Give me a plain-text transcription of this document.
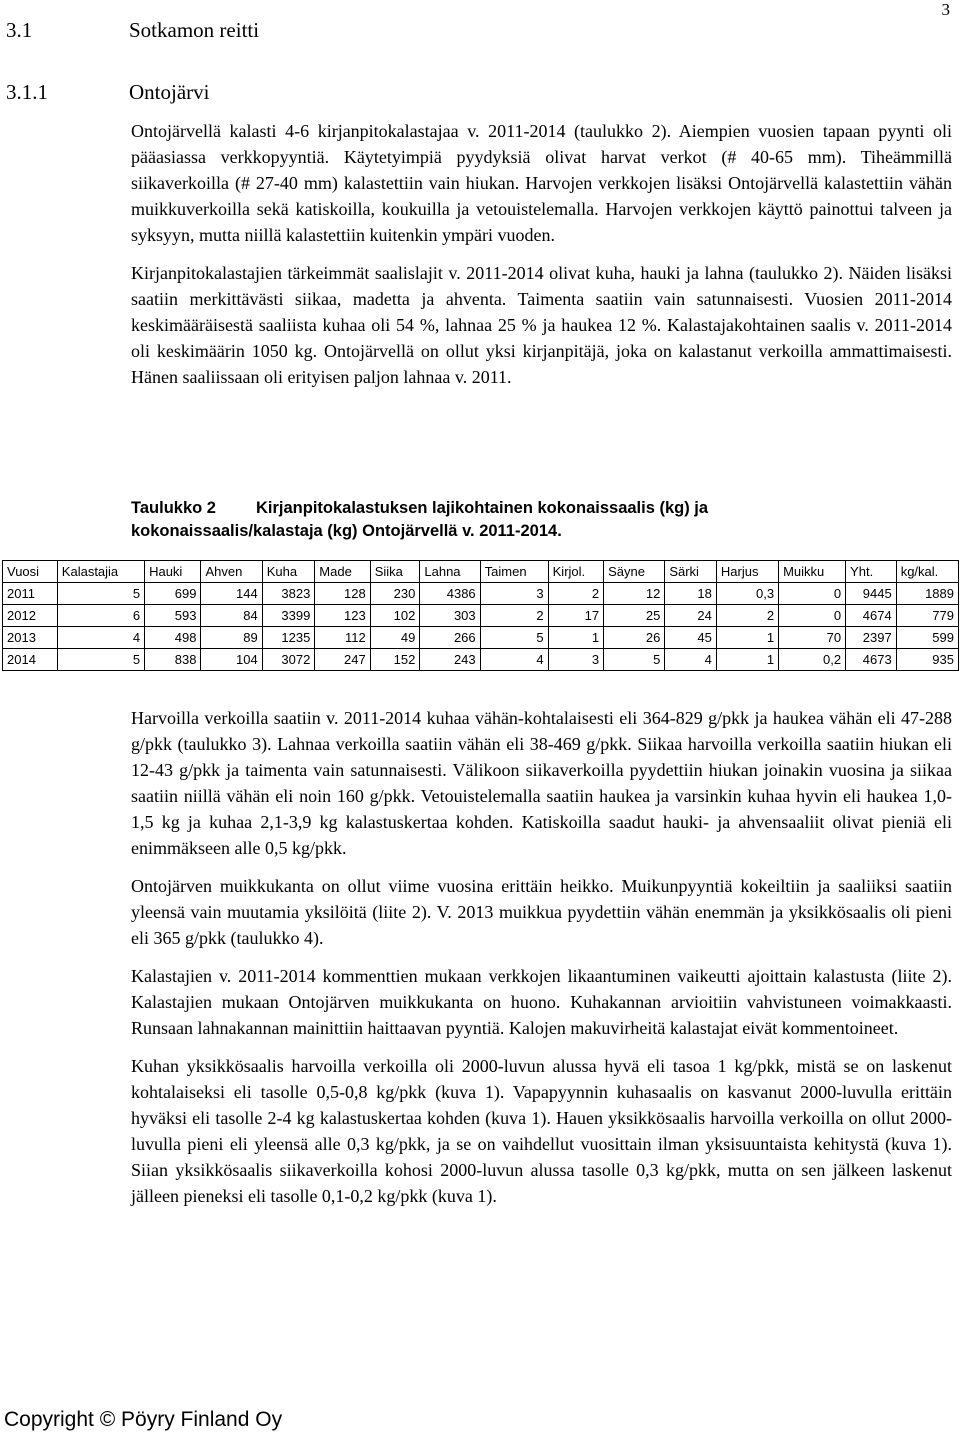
3
3.1	Sotkamon reitti
3.1.1	Ontojärvi

Ontojärvellä kalasti 4-6 kirjanpitokalastajaa v. 2011-2014 (taulukko 2). Aiempien vuosien tapaan pyynti oli pääasiassa verkkopyyntiä. Käytetyimpiä pyydyksiä olivat harvat verkot (# 40-65 mm). Tiheämmillä siikaverkoilla (# 27-40 mm) kalastettiin vain hiukan. Harvojen verkkojen lisäksi Ontojärvellä kalastettiin vähän muikkuverkoilla sekä katiskoilla, koukuilla ja vetouistelemalla. Harvojen verkkojen käyttö painottui talveen ja syksyyn, mutta niillä kalastettiin kuitenkin ympäri vuoden.

Kirjanpitokalastajien tärkeimmät saalislajit v. 2011-2014 olivat kuha, hauki ja lahna (taulukko 2). Näiden lisäksi saatiin merkittävästi siikaa, madetta ja ahventa. Taimenta saatiin vain satunnaisesti. Vuosien 2011-2014 keskimääräisestä saaliista kuhaa oli 54 %, lahnaa 25 % ja haukea 12 %. Kalastajakohtainen saalis v. 2011-2014 oli keskimäärin 1050 kg. Ontojärvellä on ollut yksi kirjanpitäjä, joka on kalastanut verkoilla ammattimaisesti. Hänen saaliissaan oli erityisen paljon lahnaa v. 2011.

Taulukko 2 Kirjanpitokalastuksen lajikohtainen kokonaissaalis (kg) ja kokonaissaalis/kalastaja (kg) Ontojärvellä v. 2011-2014.
Vuosi	Kalastajia	Hauki	Ahven	Kuha	Made	Siika	Lahna	Taimen	Kirjol.	Säyne	Särki	Harjus	Muikku	Yht.	kg/kal.
2011	5	699	144	3823	128	230	4386	3	2	12	18	0,3	0	9445	1889
2012	6	593	84	3399	123	102	303	2	17	25	24	2	0	4674	779
2013	4	498	89	1235	112	49	266	5	1	26	45	1	70	2397	599
2014	5	838	104	3072	247	152	243	4	3	5	4	1	0,2	4673	935

Harvoilla verkoilla saatiin v. 2011-2014 kuhaa vähän-kohtalaisesti eli 364-829 g/pkk ja haukea vähän eli 47-288 g/pkk (taulukko 3). Lahnaa verkoilla saatiin vähän eli 38-469 g/pkk. Siikaa harvoilla verkoilla saatiin hiukan eli 12-43 g/pkk ja taimenta vain satunnaisesti. Välikoon siikaverkoilla pyydettiin hiukan joinakin vuosina ja siikaa saatiin niillä vähän eli noin 160 g/pkk. Vetouistelemalla saatiin haukea ja varsinkin kuhaa hyvin eli haukea 1,0-1,5 kg ja kuhaa 2,1-3,9 kg kalastuskertaa kohden. Katiskoilla saadut hauki- ja ahvensaaliit olivat pieniä eli enimmäkseen alle 0,5 kg/pkk.

Ontojärven muikkukanta on ollut viime vuosina erittäin heikko. Muikunpyyntiä kokeiltiin ja saaliiksi saatiin yleensä vain muutamia yksilöitä (liite 2). V. 2013 muikkua pyydettiin vähän enemmän ja yksikkösaalis oli pieni eli 365 g/pkk (taulukko 4).

Kalastajien v. 2011-2014 kommenttien mukaan verkkojen likaantuminen vaikeutti ajoittain kalastusta (liite 2). Kalastajien mukaan Ontojärven muikkukanta on huono. Kuhakannan arvioitiin vahvistuneen voimakkaasti. Runsaan lahnakannan mainittiin haittaavan pyyntiä. Kalojen makuvirheitä kalastajat eivät kommentoineet.

Kuhan yksikkösaalis harvoilla verkoilla oli 2000-luvun alussa hyvä eli tasoa 1 kg/pkk, mistä se on laskenut kohtalaiseksi eli tasolle 0,5-0,8 kg/pkk (kuva 1). Vapapyynnin kuhasaalis on kasvanut 2000-luvulla erittäin hyväksi eli tasolle 2-4 kg kalastuskertaa kohden (kuva 1). Hauen yksikkösaalis harvoilla verkoilla on ollut 2000-luvulla pieni eli yleensä alle 0,3 kg/pkk, ja se on vaihdellut vuosittain ilman yksisuuntaista kehitystä (kuva 1). Siian yksikkösaalis siikaverkoilla kohosi 2000-luvun alussa tasolle 0,3 kg/pkk, mutta on sen jälkeen laskenut jälleen pieneksi eli tasolle 0,1-0,2 kg/pkk (kuva 1).

Copyright © Pöyry Finland Oy
